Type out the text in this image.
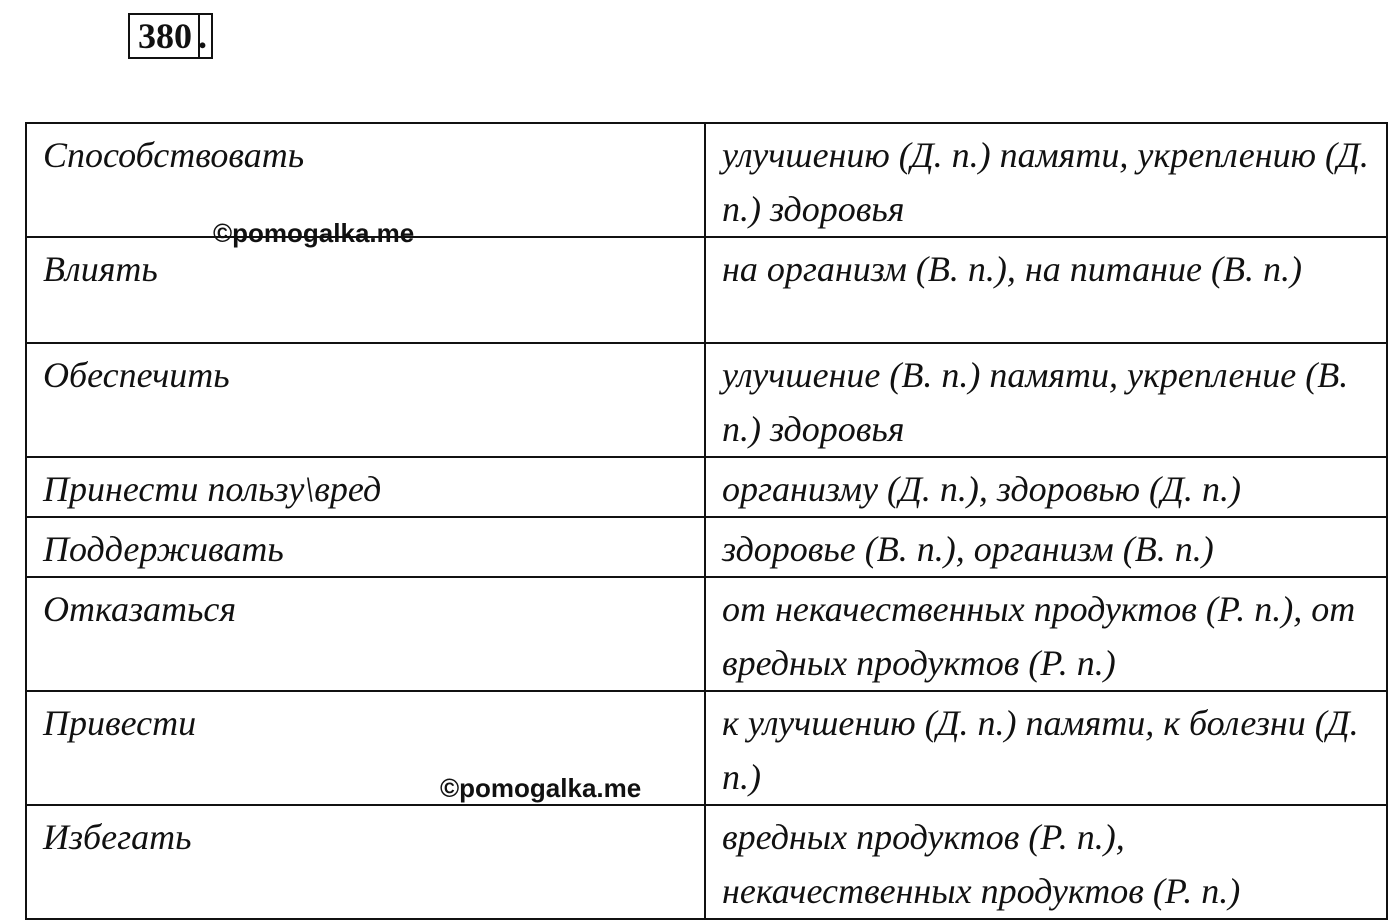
380 .
Способствовать	улучшению (Д. п.) памяти, укреплению (Д. п.) здоровья
Влиять	на организм (В. п.), на питание (В. п.)
Обеспечить	улучшение (В. п.) памяти, укрепление (В. п.) здоровья
Принести пользу\вред	организму (Д. п.), здоровью (Д. п.)
Поддерживать	здоровье (В. п.), организм (В. п.)
Отказаться	от некачественных продуктов (Р. п.), от вредных продуктов (Р. п.)
Привести	к улучшению (Д. п.) памяти, к болезни (Д. п.)
Избегать	вредных продуктов (Р. п.), некачественных продуктов (Р. п.)
©pomogalka.me
©pomogalka.me
